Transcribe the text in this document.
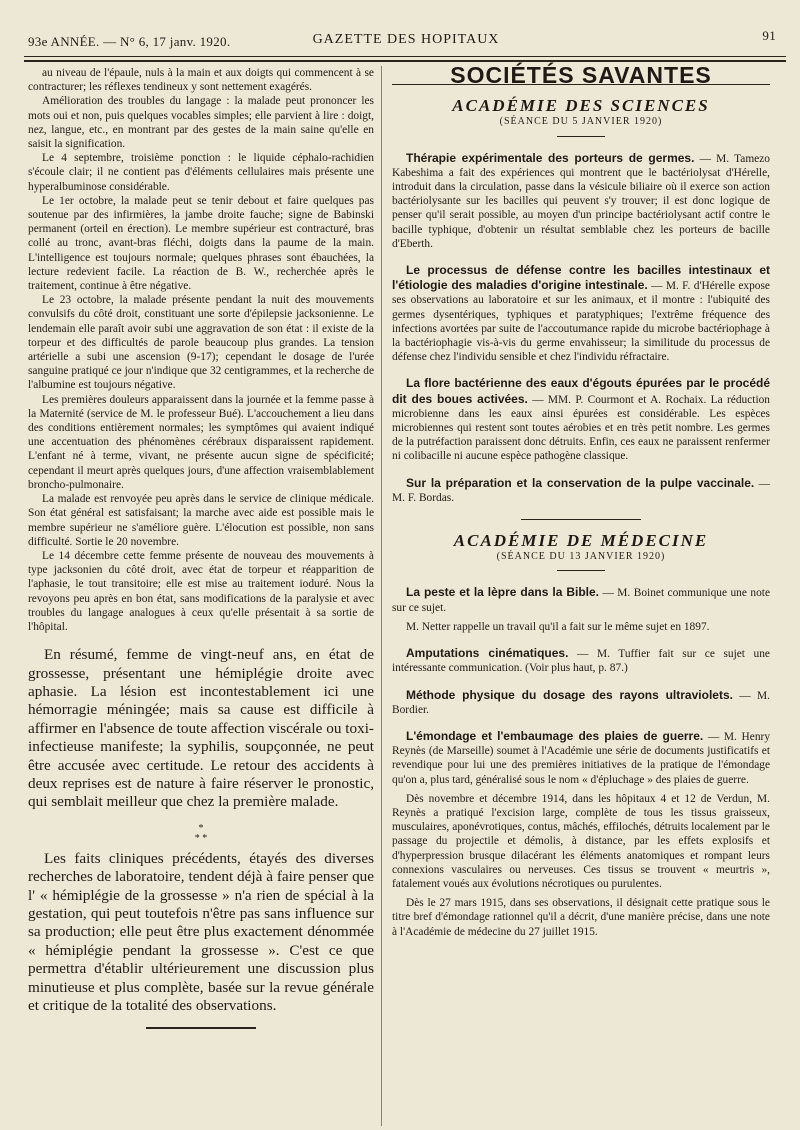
93e ANNÉE. — N° 6, 17 janv. 1920.	GAZETTE DES HOPITAUX	91

au niveau de l'épaule, nuls à la main et aux doigts qui commencent à se contracturer; les réflexes tendineux y sont nettement exagérés.

Amélioration des troubles du langage : la malade peut prononcer les mots oui et non, puis quelques vocables simples; elle parvient à lire : doigt, nez, langue, etc., en montrant par des gestes de la main saine qu'elle en saisit la signification.

Le 4 septembre, troisième ponction : le liquide céphalo-rachidien s'écoule clair; il ne contient pas d'éléments cellulaires mais présente une hyperalbuminose considérable.

Le 1er octobre, la malade peut se tenir debout et faire quelques pas soutenue par des infirmières, la jambe droite fauche; signe de Babinski permanent (orteil en érection). Le membre supérieur est contracturé, bras collé au tronc, avant-bras fléchi, doigts dans la paume de la main. L'intelligence est toujours normale; quelques phrases sont ébauchées, la lecture redevient facile. La réaction de B. W., recherchée après le traitement, continue à être négative.

Le 23 octobre, la malade présente pendant la nuit des mouvements convulsifs du côté droit, constituant une sorte d'épilepsie jacksonienne. Le lendemain elle paraît avoir subi une aggravation de son état : il existe de la torpeur et des difficultés de parole beaucoup plus grandes. La tension artérielle a subi une ascension (9-17); cependant le dosage de l'urée sanguine pratiqué ce jour n'indique que 32 centigrammes, et la recherche de l'albumine est toujours négative.

Les premières douleurs apparaissent dans la journée et la femme passe à la Maternité (service de M. le professeur Bué). L'accouchement a lieu dans des conditions entièrement normales; les symptômes qui avaient indiqué une accentuation des phénomènes cérébraux disparaissent rapidement. L'enfant né à terme, vivant, ne présente aucun signe de spécificité; cependant il meurt après quelques jours, d'une affection vraisemblablement broncho-pulmonaire.

La malade est renvoyée peu après dans le service de clinique médicale. Son état général est satisfaisant; la marche avec aide est possible mais le membre supérieur ne s'améliore guère. L'élocution est possible, non sans difficulté. Sortie le 20 novembre.

Le 14 décembre cette femme présente de nouveau des mouvements à type jacksonien du côté droit, avec état de torpeur et réapparition de l'aphasie, le tout transitoire; elle est mise au traitement ioduré. Nous la revoyons peu après en bon état, sans modifications de la paralysie et avec troubles du langage analogues à ceux qu'elle présentait à sa sortie de l'hôpital.

En résumé, femme de vingt-neuf ans, en état de grossesse, présentant une hémiplégie droite avec aphasie. La lésion est incontestablement ici une hémorragie méningée; mais sa cause est difficile à affirmer en l'absence de toute affection viscérale ou toxi-infectieuse manifeste; la syphilis, soupçonnée, ne peut être accusée avec certitude. Le retour des accidents à deux reprises est de nature à faire réserver le pronostic, qui semblait meilleur que chez la première malade.

*
* *

Les faits cliniques précédents, étayés des diverses recherches de laboratoire, tendent déjà à faire penser que l' « hémiplégie de la grossesse » n'a rien de spécial à la gestation, qui peut toutefois n'être pas sans influence sur sa production; elle peut être plus exactement dénommée « hémiplégie pendant la grossesse ». C'est ce que permettra d'établir ultérieurement une discussion plus minutieuse et plus complète, basée sur la revue générale et critique de la totalité des observations.

SOCIÉTÉS SAVANTES
ACADÉMIE DES SCIENCES
(SÉANCE DU 5 JANVIER 1920)

Thérapie expérimentale des porteurs de germes. — M. Tamezo Kabeshima a fait des expériences qui montrent que le bactériolysat d'Hérelle, introduit dans la circulation, passe dans la vésicule biliaire où il exerce son action bactériolysante sur les bacilles qui peuvent s'y trouver; il est donc logique de penser qu'il serait possible, au moyen d'un principe bactériolysant actif contre le bacille typhique, d'obtenir un résultat semblable chez les porteurs de bacille d'Eberth.

Le processus de défense contre les bacilles intestinaux et l'étiologie des maladies d'origine intestinale. — M. F. d'Hérelle expose ses observations au laboratoire et sur les animaux, et il montre : l'ubiquité des germes dysentériques, typhiques et paratyphiques; l'extrême fréquence des infections avortées par suite de l'accoutumance rapide du microbe bactériophage à la bactériophagie vis-à-vis du germe envahisseur; la similitude du processus de défense chez l'individu sensible et chez l'individu réfractaire.

La flore bactérienne des eaux d'égouts épurées par le procédé dit des boues activées. — MM. P. Courmont et A. Rochaix. La réduction microbienne dans les eaux ainsi épurées est considérable. Les espèces microbiennes qui restent sont toutes aérobies et en très petit nombre. Les germes de la putréfaction paraissent donc détruits. Enfin, ces eaux ne paraissent renfermer ni colibacille ni aucune espèce pathogène classique.

Sur la préparation et la conservation de la pulpe vaccinale. — M. F. Bordas.

ACADÉMIE DE MÉDECINE
(SÉANCE DU 13 JANVIER 1920)

La peste et la lèpre dans la Bible. — M. Boinet communique une note sur ce sujet.

M. Netter rappelle un travail qu'il a fait sur le même sujet en 1897.

Amputations cinématiques. — M. Tuffier fait sur ce sujet une intéressante communication. (Voir plus haut, p. 87.)

Méthode physique du dosage des rayons ultraviolets. — M. Bordier.

L'émondage et l'embaumage des plaies de guerre. — M. Henry Reynès (de Marseille) soumet à l'Académie une série de documents justificatifs et revendique pour lui une des premières initiatives de la pratique de l'émondage qu'on a, plus tard, généralisé sous le nom « d'épluchage » des plaies de guerre.

Dès novembre et décembre 1914, dans les hôpitaux 4 et 12 de Verdun, M. Reynès a pratiqué l'excision large, complète de tous les tissus graisseux, musculaires, aponévrotiques, contus, mâchés, effilochés, détruits localement par le passage du projectile et démolis, à distance, par les effets explosifs et d'hyperpression brusque dilacérant les éléments anatomiques et rompant leurs connexions vasculaires ou nerveuses. Ces tissus se trouvent « meurtris », fatalement voués aux évolutions nécrotiques ou purulentes.

Dès le 27 mars 1915, dans ses observations, il désignait cette pratique sous le titre bref d'émondage rationnel qu'il a décrit, d'une manière précise, dans une note à l'Académie de médecine du 27 juillet 1915.
